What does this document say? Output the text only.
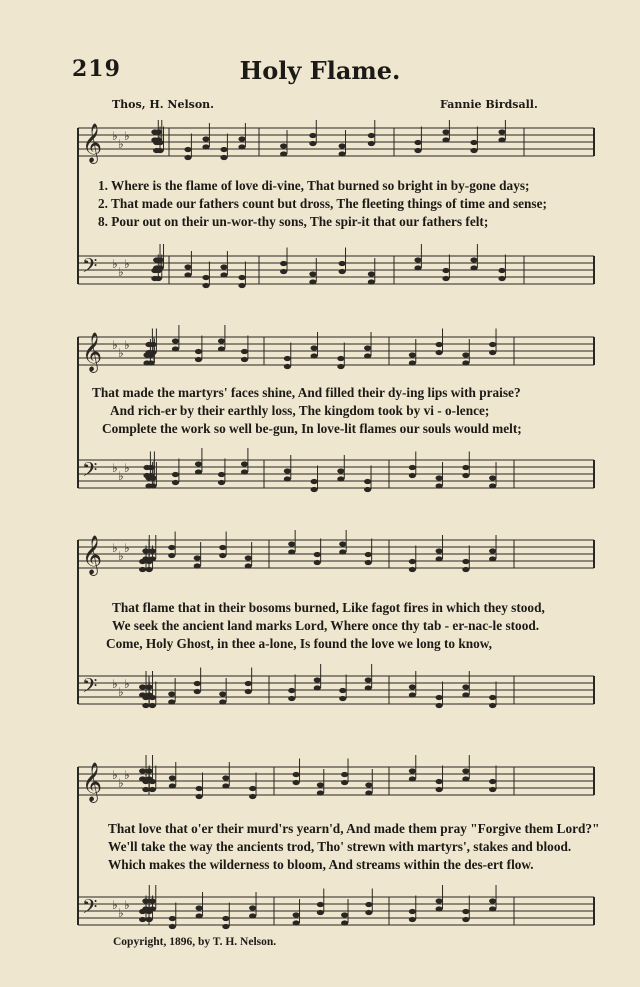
219	Holy Flame.
Thos, H. Nelson.	Fannie Birdsall.
𝄞 ♭
♭
♭
𝄢 ♭
♭
♭
1. Where is the flame of love di-vine, That burned so bright in by-gone days;
2. That made our fathers count but dross, The fleeting things of time and sense;
8. Pour out on their un-wor-thy sons, The spir-it that our fathers felt;
𝄞 ♭
♭
♭
𝄢 ♭
♭
♭
That made the martyrs' faces shine, And filled their dy-ing lips with praise?
And rich-er by their earthly loss, The kingdom took by vi - o-lence;
Complete the work so well be-gun, In love-lit flames our souls would melt;
𝄞 ♭
♭
♭
𝄢 ♭
♭
♭
That flame that in their bosoms burned, Like fagot fires in which they stood,
We seek the ancient land marks Lord, Where once thy tab - er-nac-le stood.
Come, Holy Ghost, in thee a-lone, Is found the love we long to know,
𝄞 ♭
♭
♭
𝄢 ♭
♭
♭
That love that o'er their murd'rs yearn'd, And made them pray "Forgive them Lord?"
We'll take the way the ancients trod, Tho' strewn with martyrs', stakes and blood.
Which makes the wilderness to bloom, And streams within the des-ert flow.
Copyright, 1896, by T. H. Nelson.
